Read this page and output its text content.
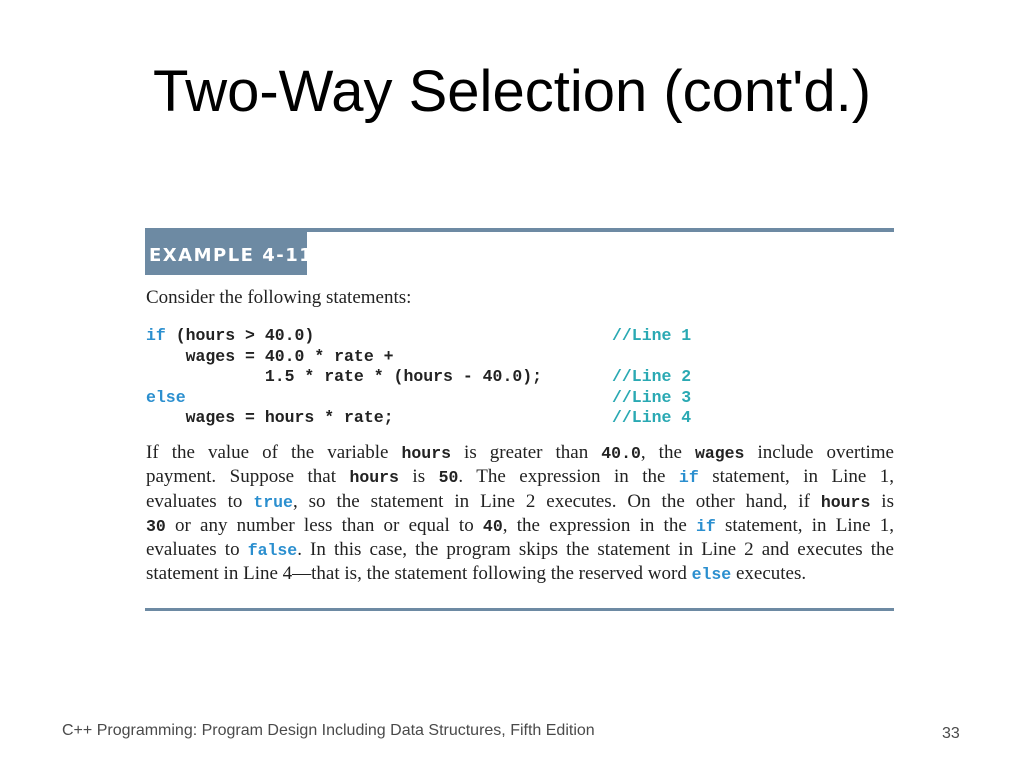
Two-Way Selection (cont'd.)
EXAMPLE 4-11
Consider the following statements:

if (hours > 40.0)

	//Line 1

wages = 40.0 * rate +

1.5 * rate * (hours - 40.0);

	//Line 2

else

	//Line 3

wages = hours * rate;

	//Line 4

If the value of the variable hours is greater than 40.0, the wages include overtime
payment. Suppose that hours is 50. The expression in the if statement, in Line 1,
evaluates to true, so the statement in Line 2 executes. On the other hand, if hours is
30 or any number less than or equal to 40, the expression in the if statement, in Line 1,
evaluates to false. In this case, the program skips the statement in Line 2 and executes the
statement in Line 4—that is, the statement following the reserved word else executes.
C++ Programming: Program Design Including Data Structures, Fifth Edition	33
